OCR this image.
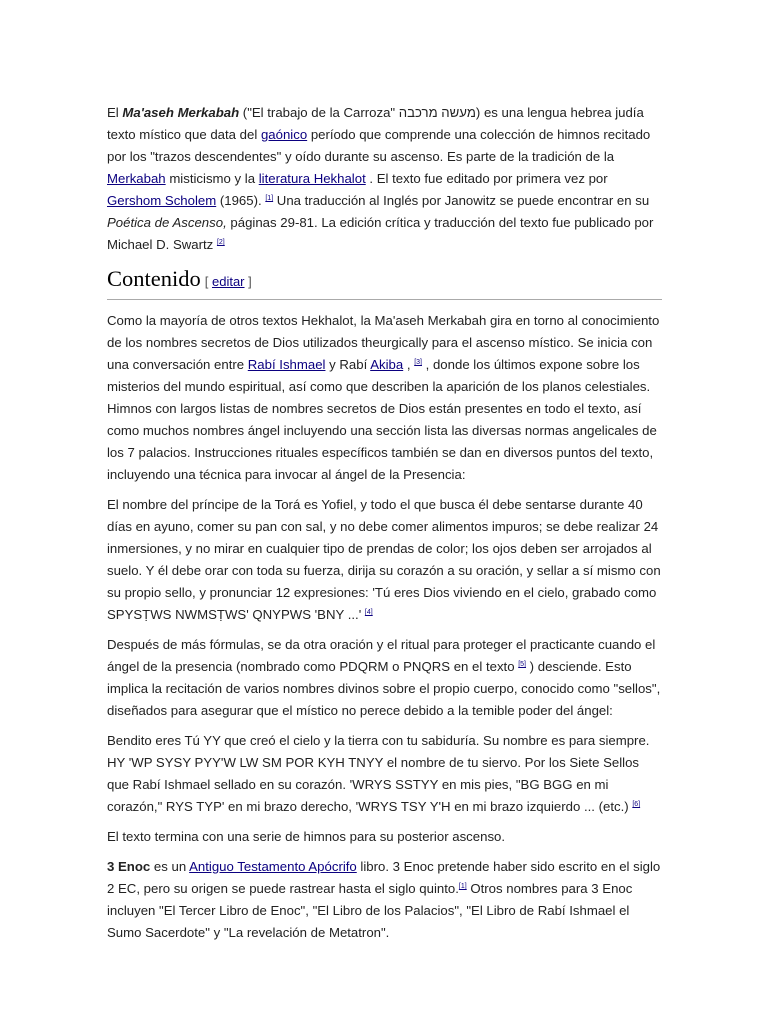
El Ma'aseh Merkabah ("El trabajo de la Carroza" מעשה מרכבה) es una lengua hebrea judía texto místico que data del gaónico período que comprende una colección de himnos recitado por los "trazos descendentes" y oído durante su ascenso. Es parte de la tradición de la Merkabah misticismo y la literatura Hekhalot . El texto fue editado por primera vez por Gershom Scholem (1965). [1] Una traducción al Inglés por Janowitz se puede encontrar en su Poética de Ascenso, páginas 29-81. La edición crítica y traducción del texto fue publicado por Michael D. Swartz [2]

Contenido [ editar ]

Como la mayoría de otros textos Hekhalot, la Ma'aseh Merkabah gira en torno al conocimiento de los nombres secretos de Dios utilizados theurgically para el ascenso místico. Se inicia con una conversación entre Rabí Ishmael y Rabí Akiba , [3] , donde los últimos expone sobre los misterios del mundo espiritual, así como que describen la aparición de los planos celestiales. Himnos con largos listas de nombres secretos de Dios están presentes en todo el texto, así como muchos nombres ángel incluyendo una sección lista las diversas normas angelicales de los 7 palacios. Instrucciones rituales específicos también se dan en diversos puntos del texto, incluyendo una técnica para invocar al ángel de la Presencia:

El nombre del príncipe de la Torá es Yofiel, y todo el que busca él debe sentarse durante 40 días en ayuno, comer su pan con sal, y no debe comer alimentos impuros; se debe realizar 24 inmersiones, y no mirar en cualquier tipo de prendas de color; los ojos deben ser arrojados al suelo. Y él debe orar con toda su fuerza, dirija su corazón a su oración, y sellar a sí mismo con su propio sello, y pronunciar 12 expresiones: 'Tú eres Dios viviendo en el cielo, grabado como SPYSṬWS NWMSṬWS' QNYPWS 'BNY ...' [4]

Después de más fórmulas, se da otra oración y el ritual para proteger el practicante cuando el ángel de la presencia (nombrado como PDQRM o PNQRS en el texto [5] ) desciende. Esto implica la recitación de varios nombres divinos sobre el propio cuerpo, conocido como "sellos", diseñados para asegurar que el místico no perece debido a la temible poder del ángel:

Bendito eres Tú YY que creó el cielo y la tierra con tu sabiduría. Su nombre es para siempre. HY 'WP SYSY PYY'W LW SM POR KYH TNYY el nombre de tu siervo. Por los Siete Sellos que Rabí Ishmael sellado en su corazón. 'WRYS SSTYY en mis pies, "BG BGG en mi corazón," RYS TYP' en mi brazo derecho, 'WRYS TSY Y'H en mi brazo izquierdo ... (etc.) [6]

El texto termina con una serie de himnos para su posterior ascenso.

3 Enoc es un Antiguo Testamento Apócrifo libro. 3 Enoc pretende haber sido escrito en el siglo 2 EC, pero su origen se puede rastrear hasta el siglo quinto.[1] Otros nombres para 3 Enoc incluyen "El Tercer Libro de Enoc", "El Libro de los Palacios", "El Libro de Rabí Ishmael el Sumo Sacerdote" y "La revelación de Metatron".
